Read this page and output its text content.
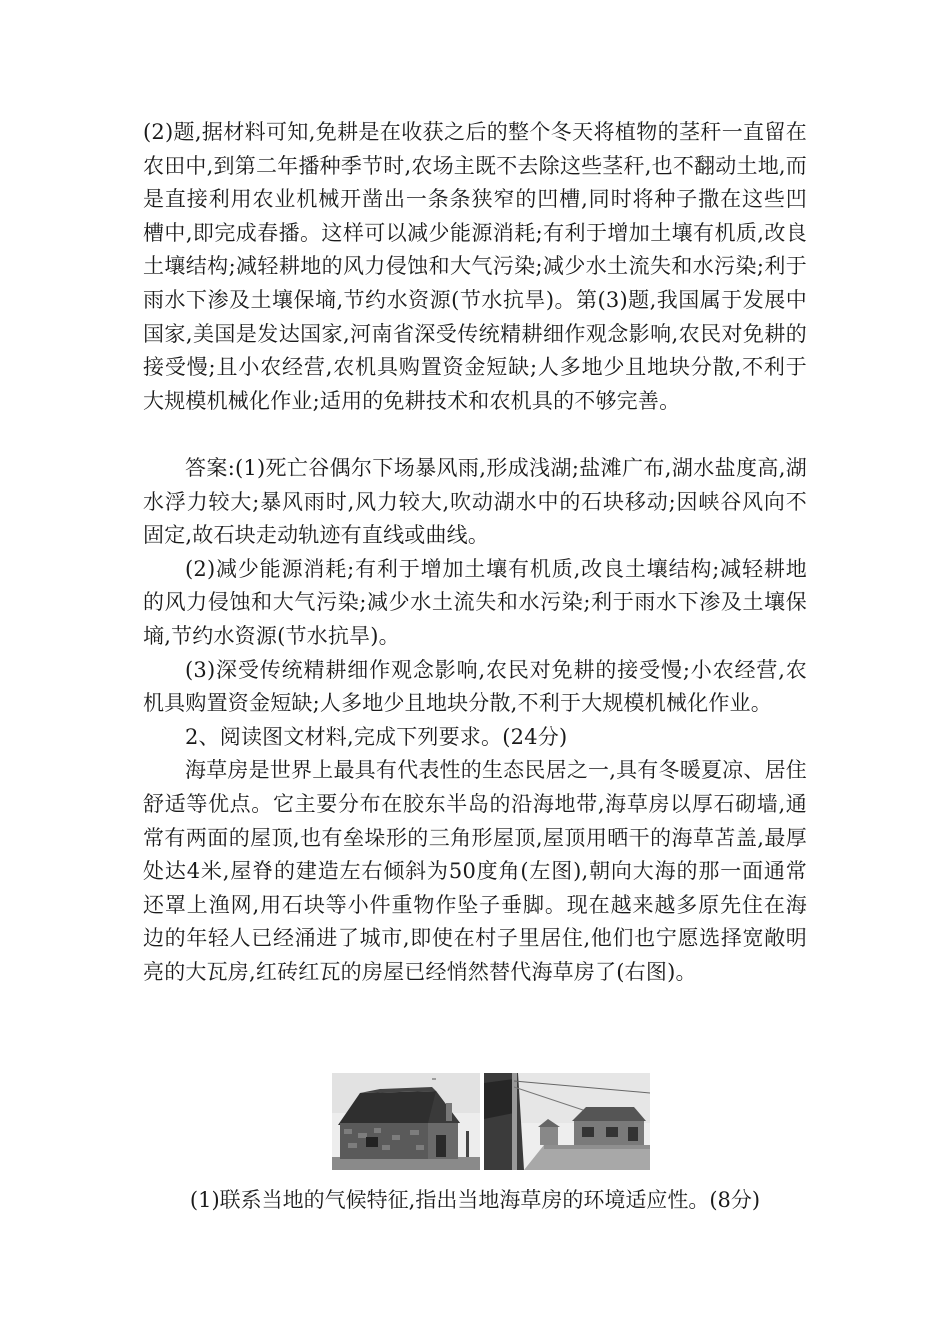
(2)题,据材料可知,免耕是在收获之后的整个冬天将植物的茎秆一直留在农田中,到第二年播种季节时,农场主既不去除这些茎秆,也不翻动土地,而是直接利用农业机械开凿出一条条狭窄的凹槽,同时将种子撒在这些凹槽中,即完成春播。这样可以减少能源消耗;有利于增加土壤有机质,改良土壤结构;减轻耕地的风力侵蚀和大气污染;减少水土流失和水污染;利于雨水下渗及土壤保墒,节约水资源(节水抗旱)。第(3)题,我国属于发展中国家,美国是发达国家,河南省深受传统精耕细作观念影响,农民对免耕的接受慢;且小农经营,农机具购置资金短缺;人多地少且地块分散,不利于大规模机械化作业;适用的免耕技术和农机具的不够完善。

答案:(1)死亡谷偶尔下场暴风雨,形成浅湖;盐滩广布,湖水盐度高,湖水浮力较大;暴风雨时,风力较大,吹动湖水中的石块移动;因峡谷风向不固定,故石块走动轨迹有直线或曲线。

(2)减少能源消耗;有利于增加土壤有机质,改良土壤结构;减轻耕地的风力侵蚀和大气污染;减少水土流失和水污染;利于雨水下渗及土壤保墒,节约水资源(节水抗旱)。

(3)深受传统精耕细作观念影响,农民对免耕的接受慢;小农经营,农机具购置资金短缺;人多地少且地块分散,不利于大规模机械化作业。

2、阅读图文材料,完成下列要求。(24分)

海草房是世界上最具有代表性的生态民居之一,具有冬暖夏凉、居住舒适等优点。它主要分布在胶东半岛的沿海地带,海草房以厚石砌墙,通常有两面的屋顶,也有垒垛形的三角形屋顶,屋顶用晒干的海草苫盖,最厚处达4米,屋脊的建造左右倾斜为50度角(左图),朝向大海的那一面通常还罩上渔网,用石块等小件重物作坠子垂脚。现在越来越多原先住在海边的年轻人已经涌进了城市,即使在村子里居住,他们也宁愿选择宽敞明亮的大瓦房,红砖红瓦的房屋已经悄然替代海草房了(右图)。

(1)联系当地的气候特征,指出当地海草房的环境适应性。(8分)
